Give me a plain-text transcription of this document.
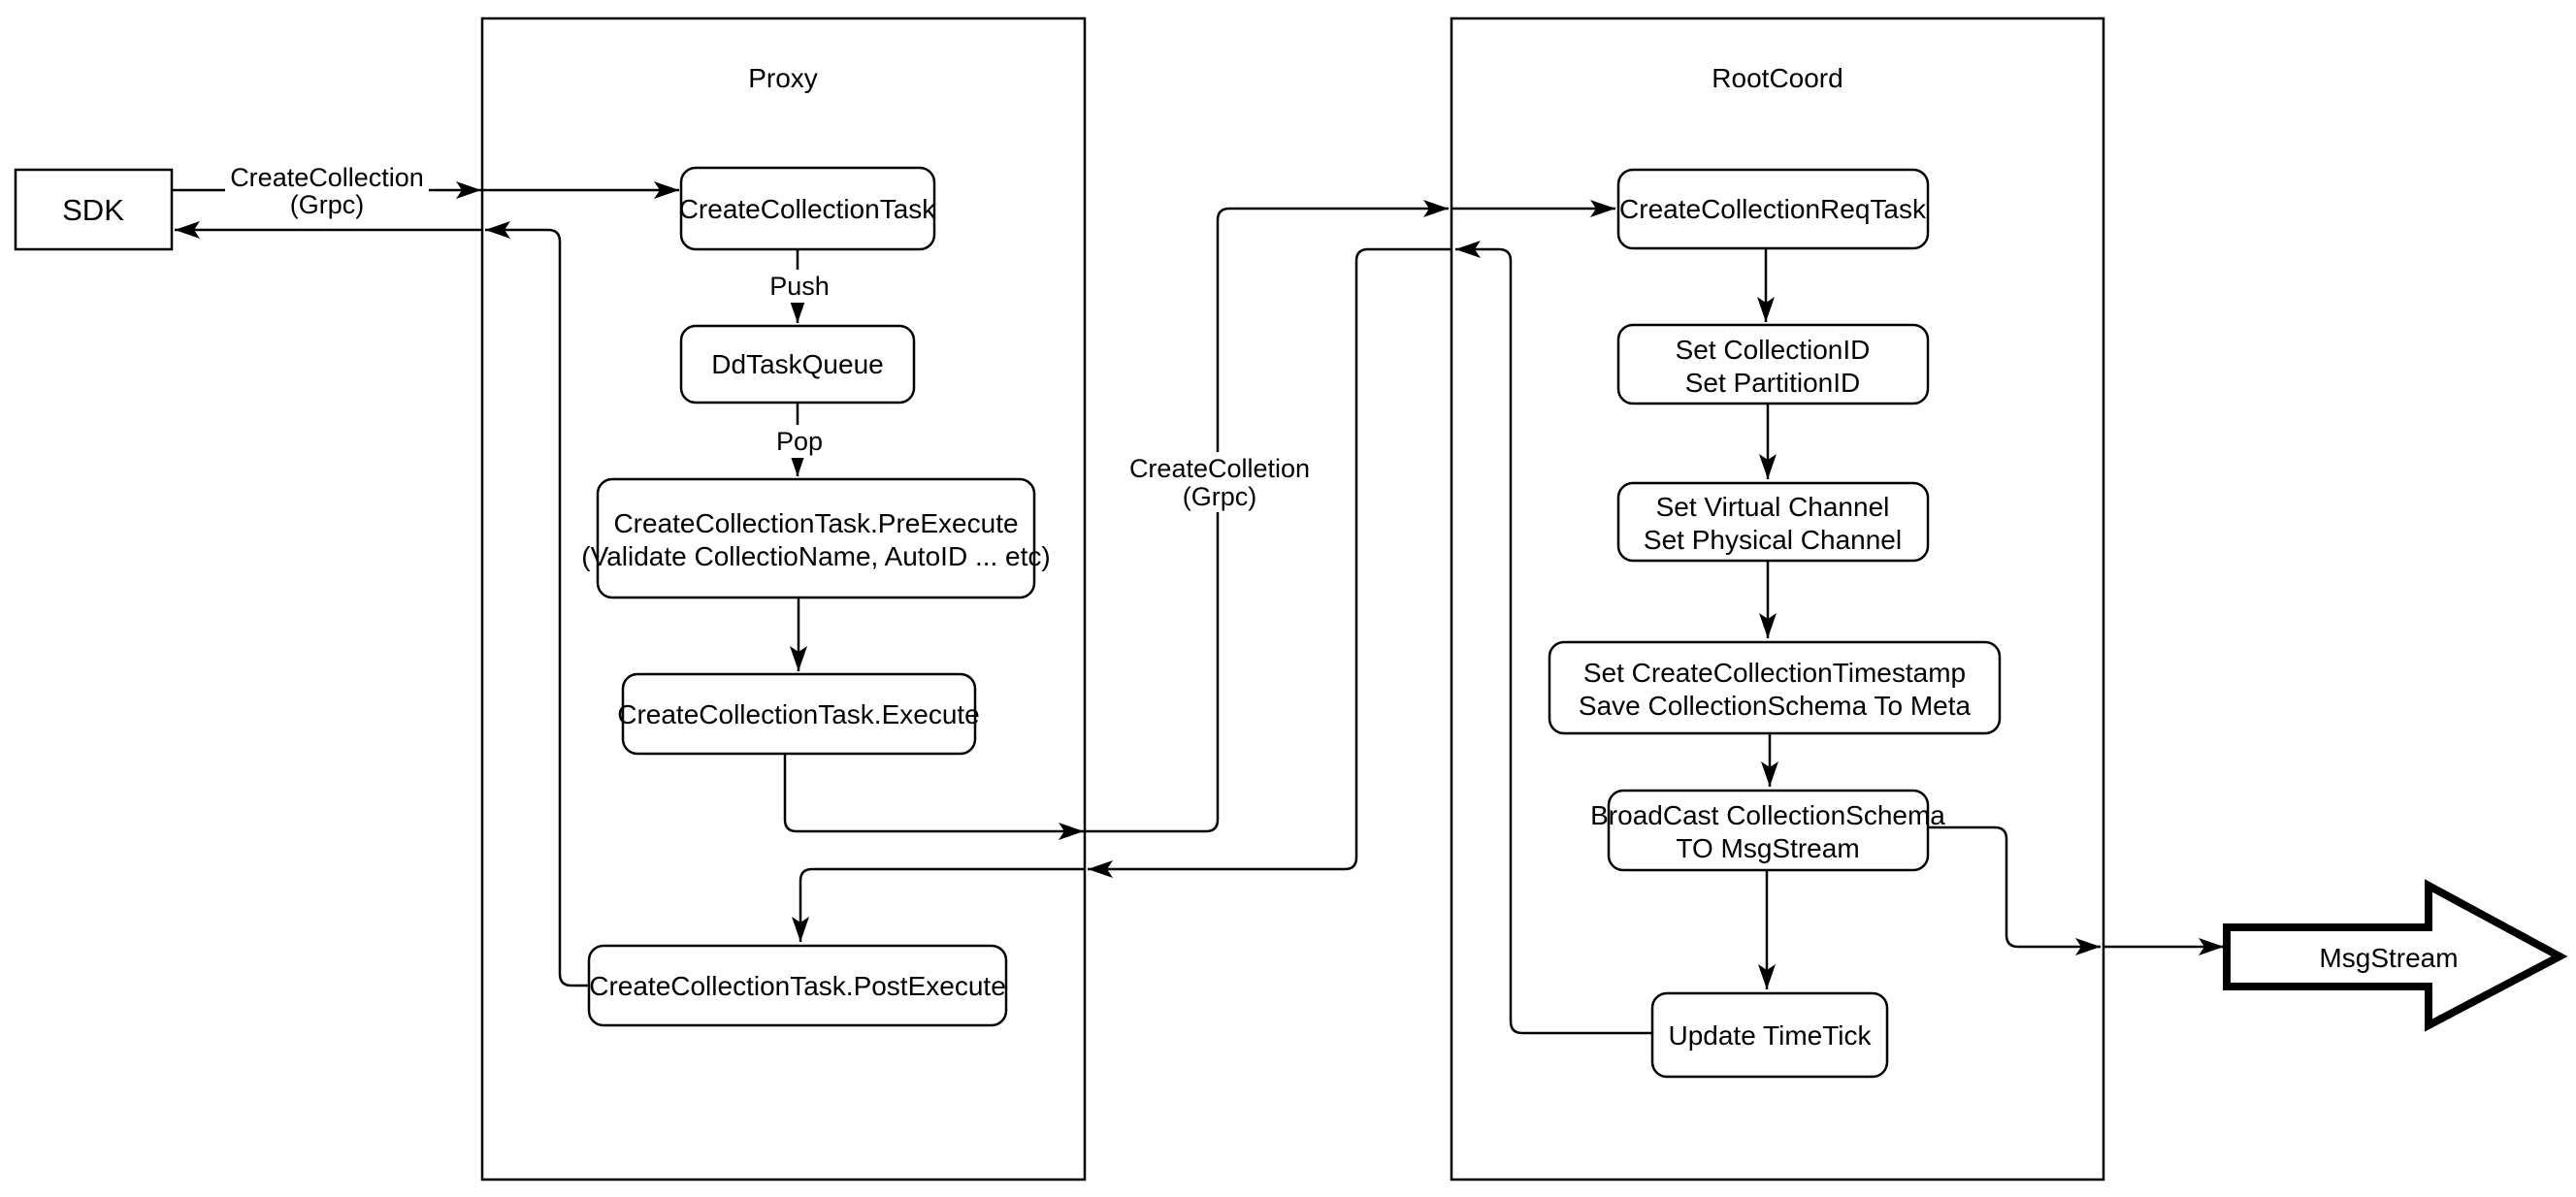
Proxy	RootCoord
CreateCollection
(Grpc)
Push
Pop
CreateColletion
(Grpc)
SDK	CreateCollectionTask
DdTaskQueue
CreateCollectionTask.PreExecute
(Validate CollectioName, AutoID ... etc)
CreateCollectionTask.Execute
CreateCollectionTask.PostExecute
CreateCollectionReqTask
Set CollectionID
Set PartitionID
Set Virtual Channel
Set Physical Channel
Set CreateCollectionTimestamp
Save CollectionSchema To Meta
BroadCast CollectionSchema
TO MsgStream
Update TimeTick
MsgStream
